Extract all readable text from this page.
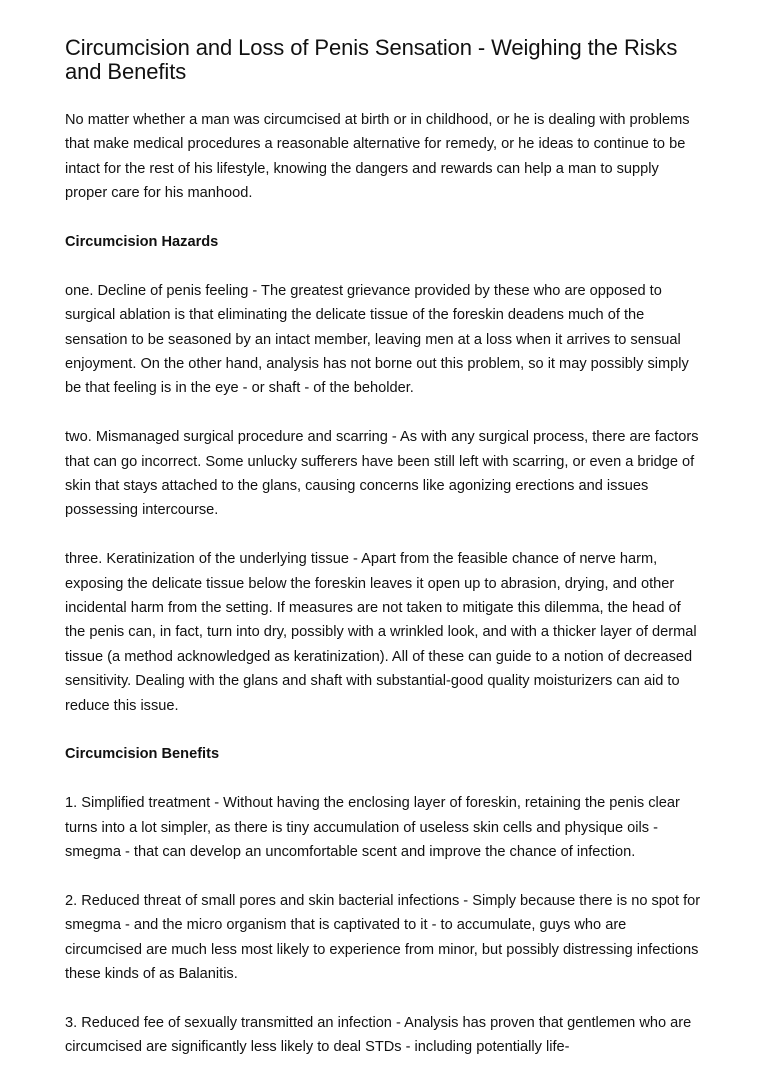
Circumcision and Loss of Penis Sensation - Weighing the Risks and Benefits

No matter whether a man was circumcised at birth or in childhood, or he is dealing with problems that make medical procedures a reasonable alternative for remedy, or he ideas to continue to be intact for the rest of his lifestyle, knowing the dangers and rewards can help a man to supply proper care for his manhood.

Circumcision Hazards

one. Decline of penis feeling - The greatest grievance provided by these who are opposed to surgical ablation is that eliminating the delicate tissue of the foreskin deadens much of the sensation to be seasoned by an intact member, leaving men at a loss when it arrives to sensual enjoyment. On the other hand, analysis has not borne out this problem, so it may possibly simply be that feeling is in the eye - or shaft - of the beholder.

two. Mismanaged surgical procedure and scarring - As with any surgical process, there are factors that can go incorrect. Some unlucky sufferers have been still left with scarring, or even a bridge of skin that stays attached to the glans, causing concerns like agonizing erections and issues possessing intercourse.

three. Keratinization of the underlying tissue - Apart from the feasible chance of nerve harm, exposing the delicate tissue below the foreskin leaves it open up to abrasion, drying, and other incidental harm from the setting. If measures are not taken to mitigate this dilemma, the head of the penis can, in fact, turn into dry, possibly with a wrinkled look, and with a thicker layer of dermal tissue (a method acknowledged as keratinization). All of these can guide to a notion of decreased sensitivity. Dealing with the glans and shaft with substantial-good quality moisturizers can aid to reduce this issue.

Circumcision Benefits

1. Simplified treatment - Without having the enclosing layer of foreskin, retaining the penis clear turns into a lot simpler, as there is tiny accumulation of useless skin cells and physique oils - smegma - that can develop an uncomfortable scent and improve the chance of infection.

2. Reduced threat of small pores and skin bacterial infections - Simply because there is no spot for smegma - and the micro organism that is captivated to it - to accumulate, guys who are circumcised are much less most likely to experience from minor, but possibly distressing infections these kinds of as Balanitis.

3. Reduced fee of sexually transmitted an infection - Analysis has proven that gentlemen who are circumcised are significantly less likely to deal STDs - including potentially life-
